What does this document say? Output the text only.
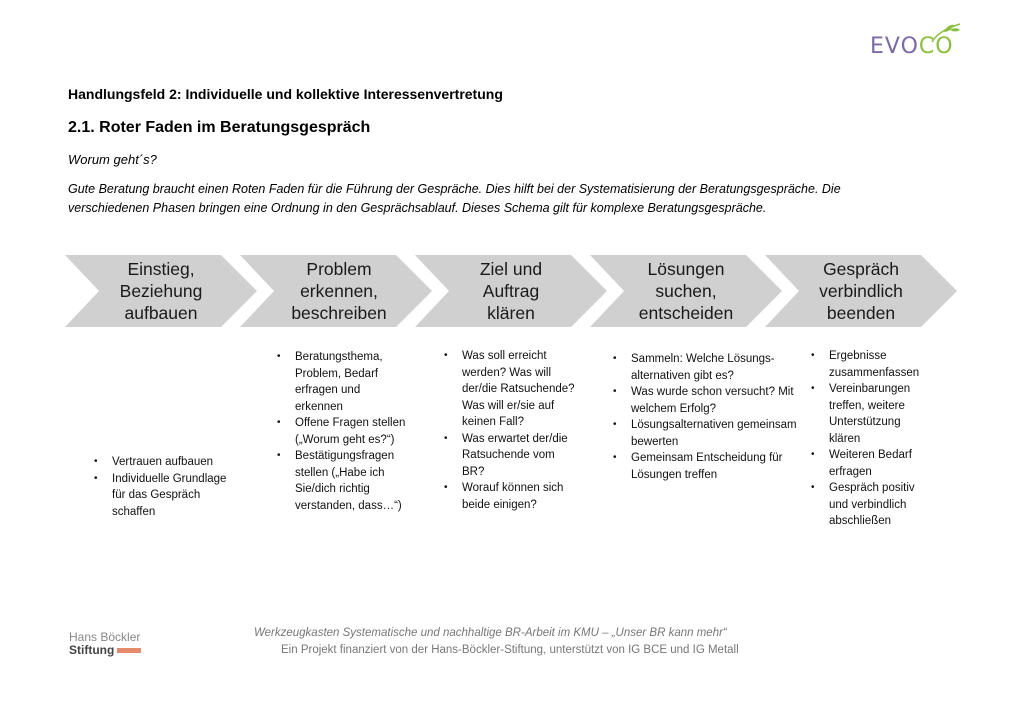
EVOCO
Handlungsfeld 2: Individuelle und kollektive Interessenvertretung
2.1. Roter Faden im Beratungsgespräch
Worum geht´s?
Gute Beratung braucht einen Roten Faden für die Führung der Gespräche. Dies hilft bei der Systematisierung der Beratungsgespräche. Die
verschiedenen Phasen bringen eine Ordnung in den Gesprächsablauf. Dieses Schema gilt für komplexe Beratungsgespräche.
Einstieg,
Beziehung
aufbauen
Problem
erkennen,
beschreiben
Ziel und
Auftrag
klären
Lösungen
suchen,
entscheiden
Gespräch
verbindlich
beenden
• Vertrauen aufbauen
• Individuelle Grundlage für das Gespräch schaffen
• Beratungsthema, Problem, Bedarf erfragen und erkennen
• Offene Fragen stellen („Worum geht es?“)
• Bestätigungsfragen stellen („Habe ich Sie/dich richtig verstanden, dass…“)
• Was soll erreicht werden? Was will der/die Ratsuchende? Was will er/sie auf keinen Fall?
• Was erwartet der/die Ratsuchende vom BR?
• Worauf können sich beide einigen?
• Sammeln: Welche Lösungs-alternativen gibt es?
• Was wurde schon versucht? Mit welchem Erfolg?
• Lösungsalternativen gemeinsam bewerten
• Gemeinsam Entscheidung für Lösungen treffen
• Ergebnisse zusammenfassen
• Vereinbarungen treffen, weitere Unterstützung klären
• Weiteren Bedarf erfragen
• Gespräch positiv und verbindlich abschließen
Hans Böckler
Stiftung
Werkzeugkasten Systematische und nachhaltige BR-Arbeit im KMU – „Unser BR kann mehr“
Ein Projekt finanziert von der Hans-Böckler-Stiftung, unterstützt von IG BCE und IG Metall
